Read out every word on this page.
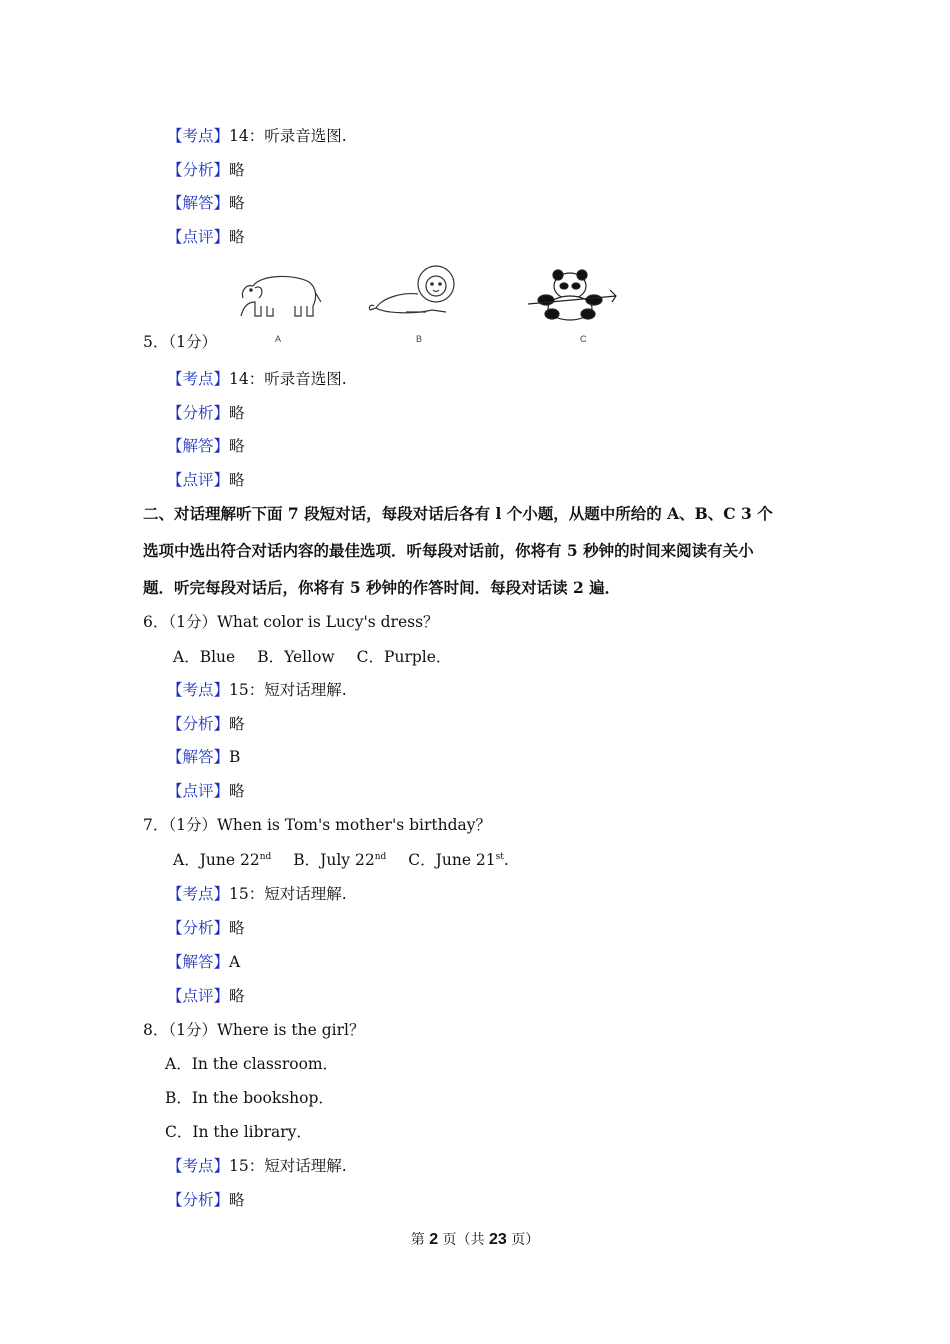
【考点】14：听录音选图.
【分析】略
【解答】略
【点评】略
A	B	C
5．（1分）
【考点】14：听录音选图.
【分析】略
【解答】略
【点评】略
二、对话理解听下面 7 段短对话，每段对话后各有 l 个小题，从题中所给的 A、B、C 3 个
选项中选出符合对话内容的最佳选项．听每段对话前，你将有 5 秒钟的时间来阅读有关小
题．听完每段对话后，你将有 5 秒钟的作答时间．每段对话读 2 遍．
6．（1分）What color is Lucy's dress？
A．Blue B．Yellow C．Purple．
【考点】15：短对话理解.
【分析】略
【解答】B
【点评】略
7．（1分）When is Tom's mother's birthday？
A．June 22nd B．July 22nd C．June 21st.
【考点】15：短对话理解.
【分析】略
【解答】A
【点评】略
8．（1分）Where is the girl？
A．In the classroom．
B．In the bookshop．
C．In the library．
【考点】15：短对话理解.
【分析】略
第 2 页（共 23 页）
